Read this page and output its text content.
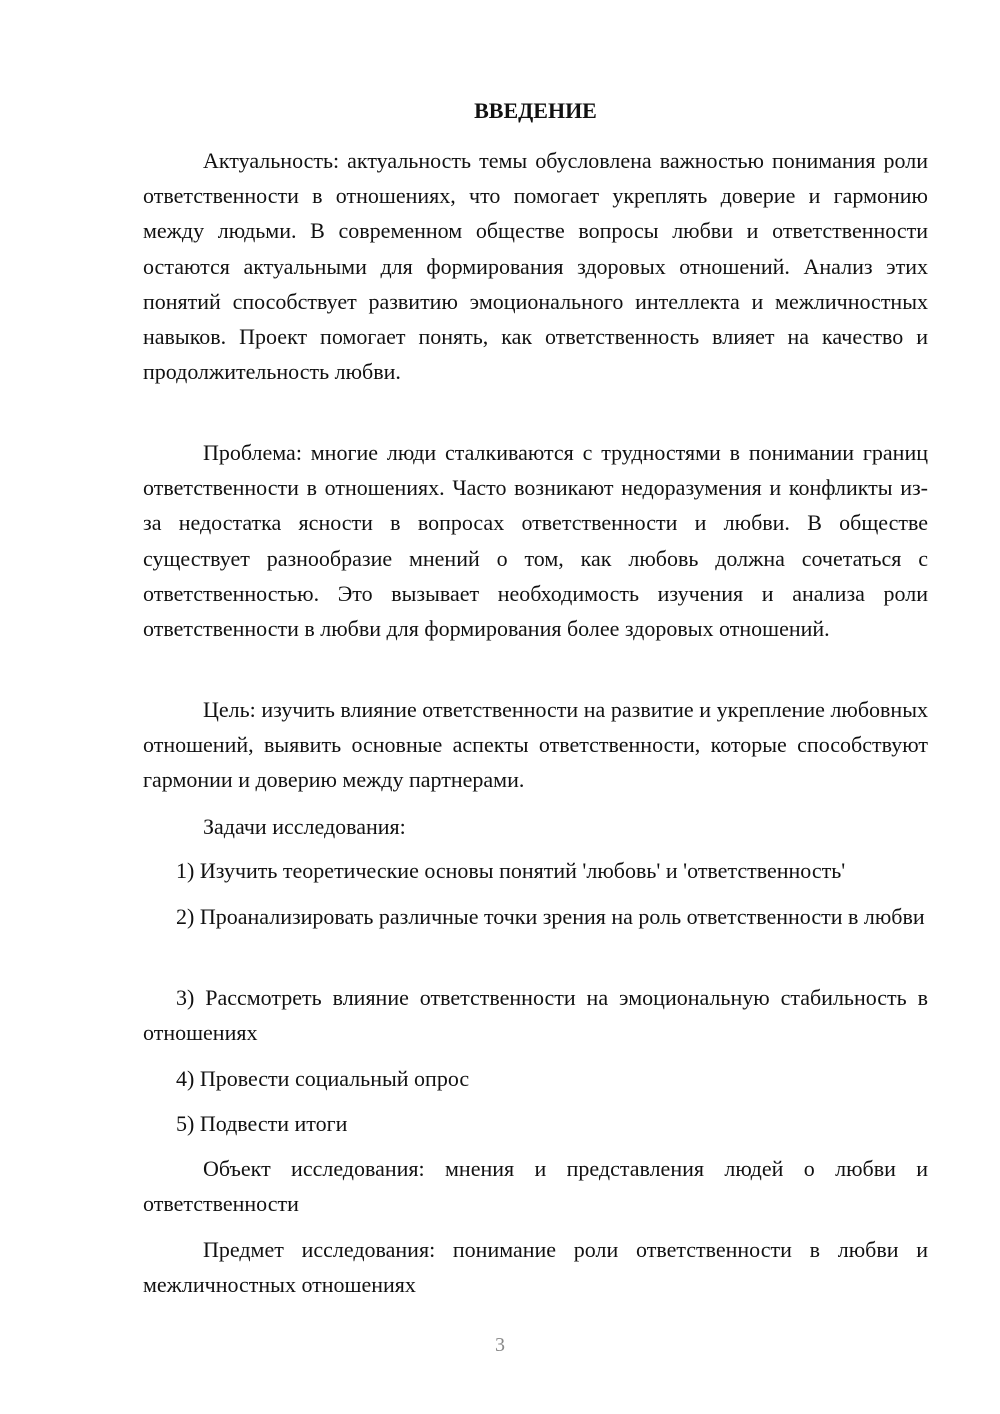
ВВЕДЕНИЕ

Актуальность: актуальность темы обусловлена важностью понимания роли ответственности в отношениях, что помогает укреплять доверие и гармонию между людьми. В современном обществе вопросы любви и ответственности остаются актуальными для формирования здоровых отношений. Анализ этих понятий способствует развитию эмоционального интеллекта и межличностных навыков. Проект помогает понять, как ответственность влияет на качество и продолжительность любви.

Проблема: многие люди сталкиваются с трудностями в понимании границ ответственности в отношениях. Часто возникают недоразумения и конфликты из-за недостатка ясности в вопросах ответственности и любви. В обществе существует разнообразие мнений о том, как любовь должна сочетаться с ответственностью. Это вызывает необходимость изучения и анализа роли ответственности в любви для формирования более здоровых отношений.

Цель: изучить влияние ответственности на развитие и укрепление любовных отношений, выявить основные аспекты ответственности, которые способствуют гармонии и доверию между партнерами.

Задачи исследования:

1) Изучить теоретические основы понятий 'любовь' и 'ответственность'

2) Проанализировать различные точки зрения на роль ответственности в любви

3) Рассмотреть влияние ответственности на эмоциональную стабильность в отношениях

4) Провести социальный опрос

5) Подвести итоги

Объект исследования: мнения и представления людей о любви и ответственности

Предмет исследования: понимание роли ответственности в любви и межличностных отношениях

3
